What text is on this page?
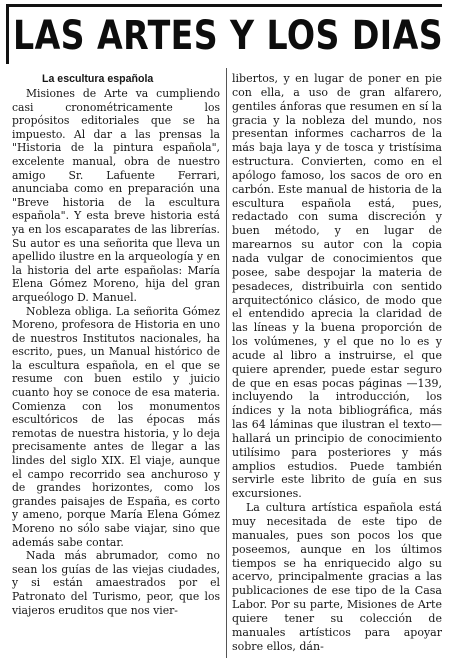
LAS ARTES Y LOS DIAS
La escultura española

Misiones de Arte va cumpliendo casi cronométricamente los propósitos editoriales que se ha impuesto. Al dar a las prensas la "Historia de la pintura española", excelente manual, obra de nuestro amigo Sr. Lafuente Ferrari, anunciaba como en preparación una "Breve historia de la escultura española". Y esta breve historia está ya en los escaparates de las librerías. Su autor es una señorita que lleva un apellido ilustre en la arqueología y en la historia del arte españolas: María Elena Gómez Moreno, hija del gran arqueólogo D. Manuel.

Nobleza obliga. La señorita Gómez Moreno, profesora de Historia en uno de nuestros Institutos nacionales, ha escrito, pues, un Manual histórico de la escultura española, en el que se resume con buen estilo y juicio cuanto hoy se conoce de esa materia. Comienza con los monumentos escultóricos de las épocas más remotas de nuestra historia, y lo deja precisamente antes de llegar a las lindes del siglo XIX. El viaje, aunque el campo recorrido sea anchuroso y de grandes horizontes, como los grandes paisajes de España, es corto y ameno, porque María Elena Gómez Moreno no sólo sabe viajar, sino que además sabe contar.

Nada más abrumador, como no sean los guías de las viejas ciudades, y si están amaestrados por el Patronato del Turismo, peor, que los viajeros eruditos que nos vier-

libertos, y en lugar de poner en pie con ella, a uso de gran alfarero, gentiles ánforas que resumen en sí la gracia y la nobleza del mundo, nos presentan informes cacharros de la más baja laya y de tosca y tristísima estructura. Convierten, como en el apólogo famoso, los sacos de oro en carbón. Este manual de historia de la escultura española está, pues, redactado con suma discreción y buen método, y en lugar de marearnos su autor con la copia nada vulgar de conocimientos que posee, sabe despojar la materia de pesadeces, distribuirla con sentido arquitectónico clásico, de modo que el entendido aprecia la claridad de las líneas y la buena proporción de los volúmenes, y el que no lo es y acude al libro a instruirse, el que quiere aprender, puede estar seguro de que en esas pocas páginas —139, incluyendo la introducción, los índices y la nota bibliográfica, más las 64 láminas que ilustran el texto— hallará un principio de conocimiento utilísimo para posteriores y más amplios estudios. Puede también servirle este librito de guía en sus excursiones.

La cultura artística española está muy necesitada de este tipo de manuales, pues son pocos los que poseemos, aunque en los últimos tiempos se ha enriquecido algo su acervo, principalmente gracias a las publicaciones de ese tipo de la Casa Labor. Por su parte, Misiones de Arte quiere tener su colección de manuales artísticos para apoyar sobre ellos, dán-
